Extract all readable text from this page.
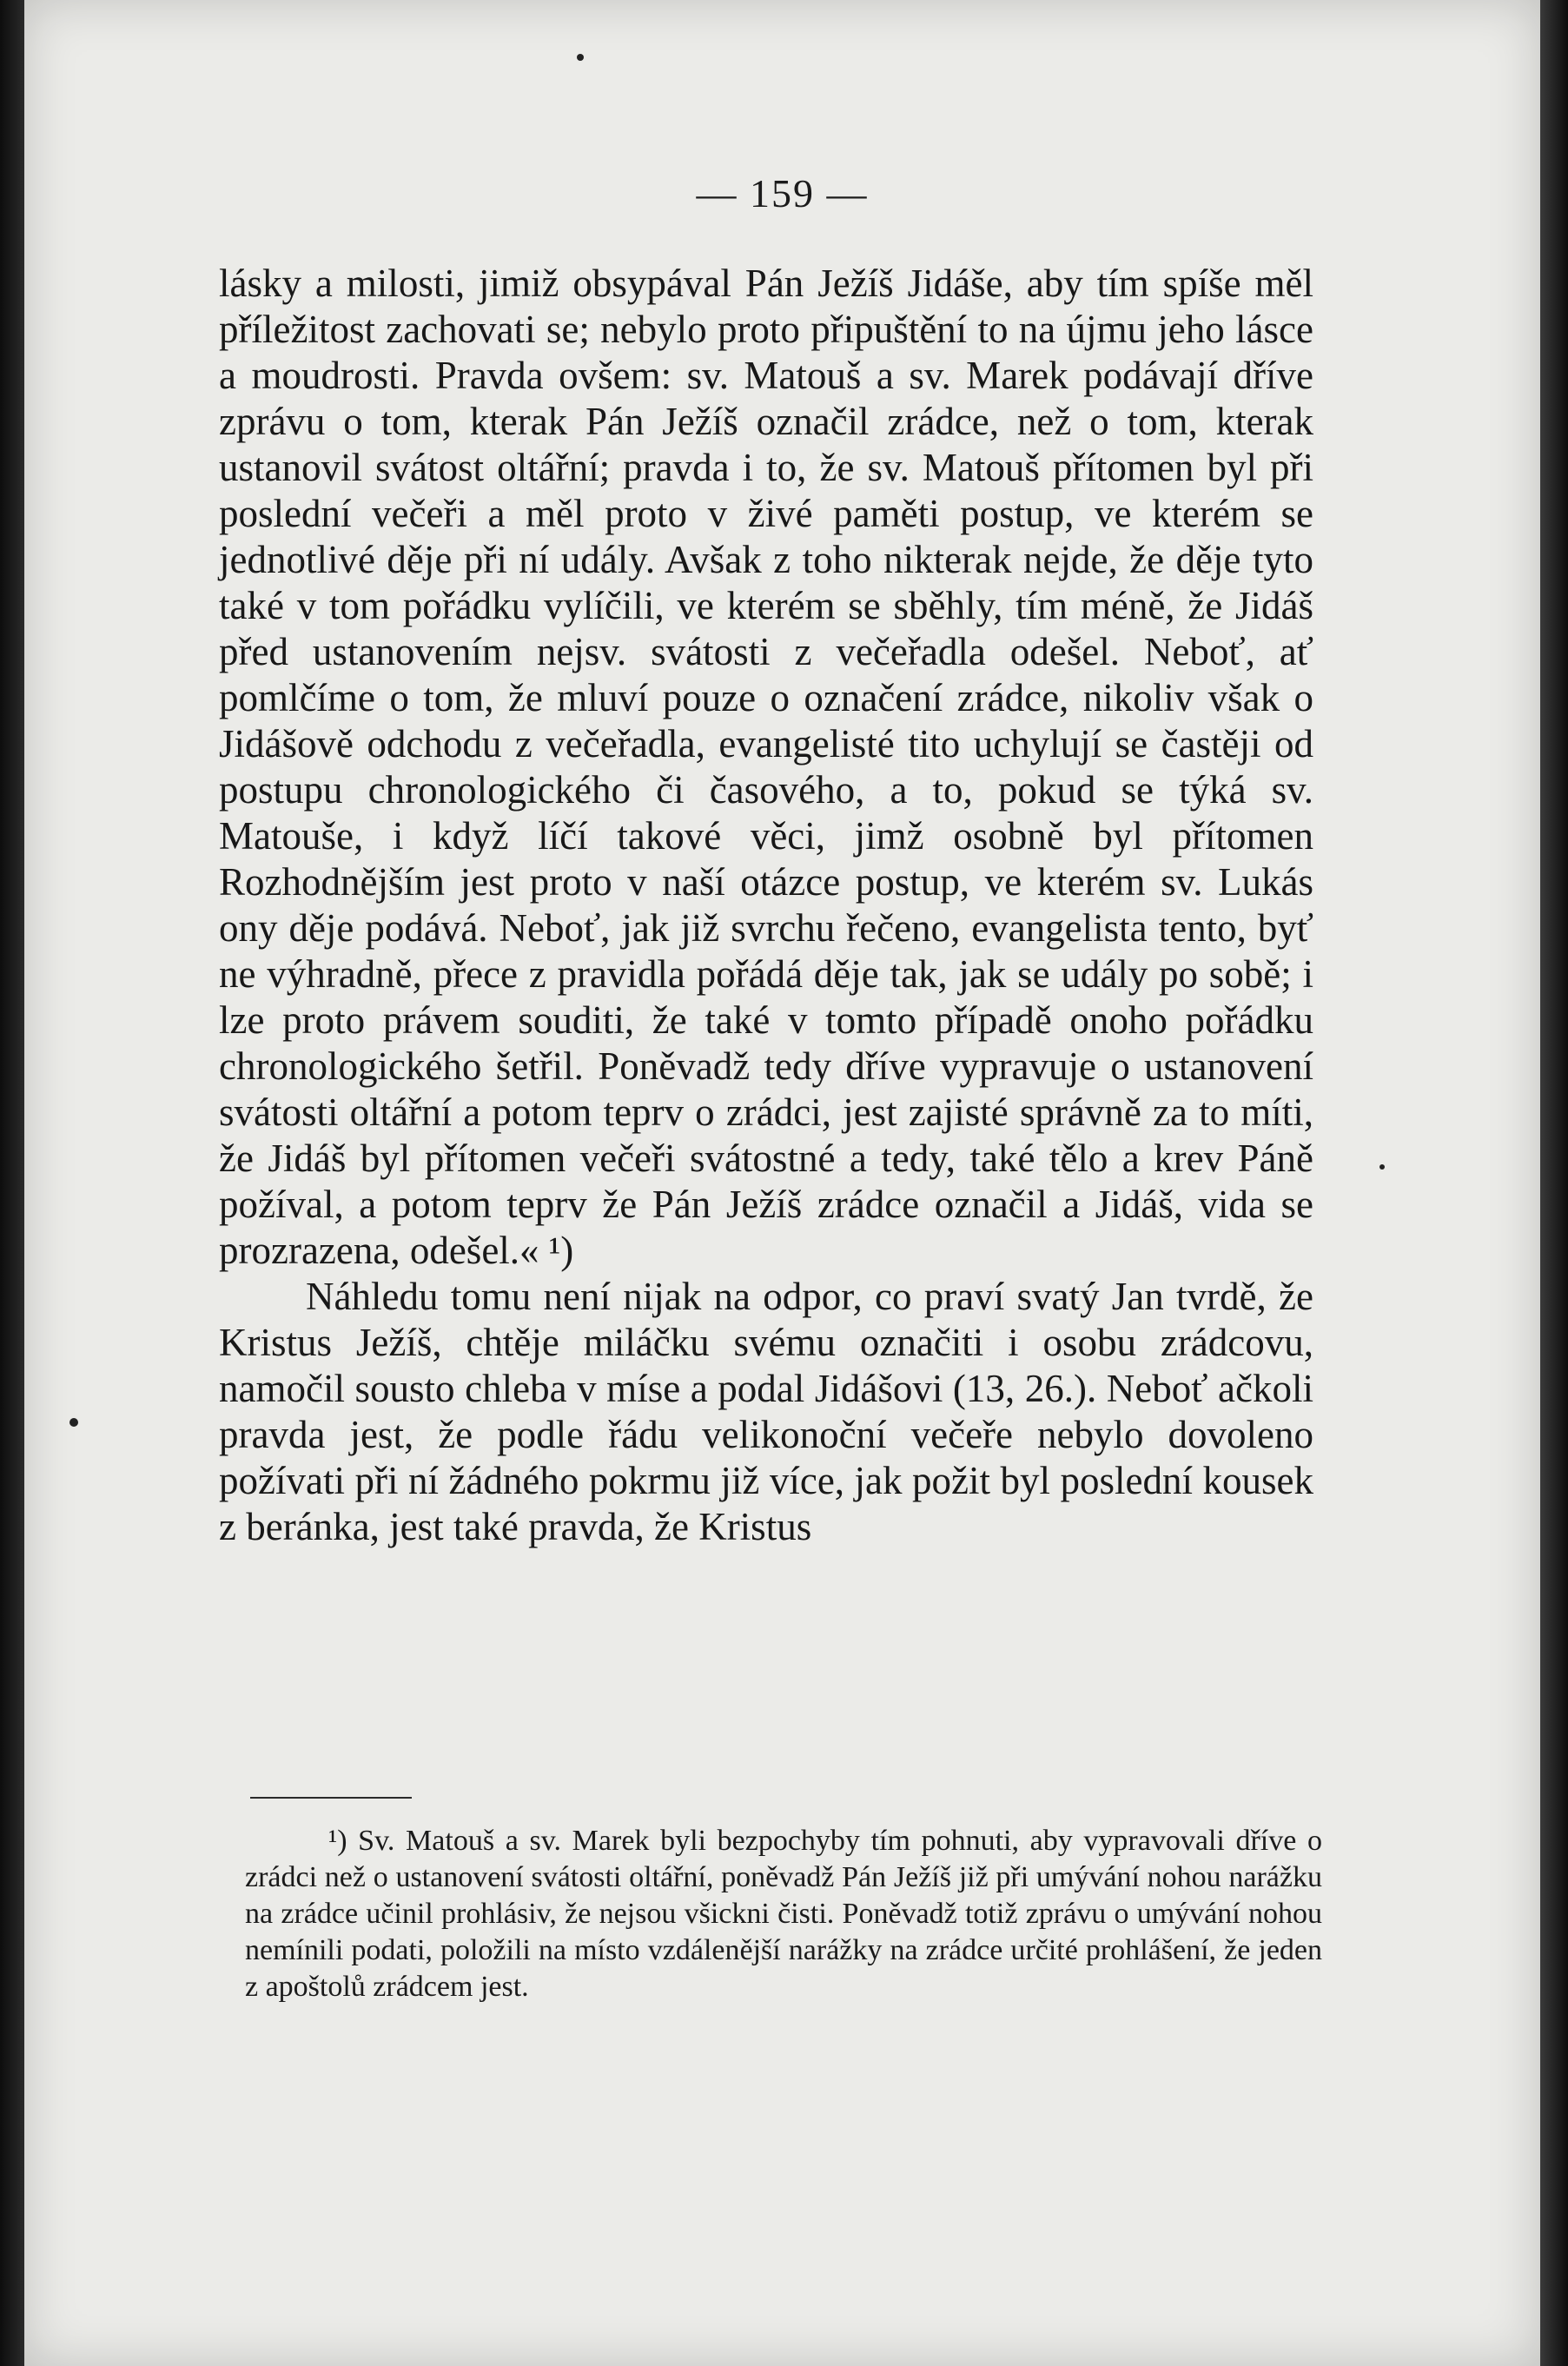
— 159 —

lásky a milosti, jimiž obsypával Pán Ježíš Jidáše, aby tím spíše měl příležitost zachovati se; nebylo proto připuštění to na újmu jeho lásce a moudrosti. Pravda ovšem: sv. Matouš a sv. Marek podávají dříve zprávu o tom, kterak Pán Ježíš označil zrádce, než o tom, kterak ustanovil svátost oltářní; pravda i to, že sv. Matouš přítomen byl při poslední večeři a měl proto v živé paměti postup, ve kterém se jednotlivé děje při ní udály. Avšak z toho nikterak nejde, že děje tyto také v tom pořádku vylíčili, ve kterém se sběhly, tím méně, že Jidáš před ustanovením nejsv. svátosti z večeřadla odešel. Neboť, ať pomlčíme o tom, že mluví pouze o označení zrádce, nikoliv však o Jidášově odchodu z večeřadla, evangelisté tito uchylují se častěji od postupu chronologického či časového, a to, pokud se týká sv. Matouše, i když líčí takové věci, jimž osobně byl přítomen Rozhodnějším jest proto v naší otázce postup, ve kterém sv. Lukás ony děje podává. Neboť, jak již svrchu řečeno, evangelista tento, byť ne výhradně, přece z pravidla pořádá děje tak, jak se udály po sobě; i lze proto právem souditi, že také v tomto případě onoho pořádku chronologického šetřil. Poněvadž tedy dříve vypravuje o ustanovení svátosti oltářní a potom teprv o zrádci, jest zajisté správně za to míti, že Jidáš byl přítomen večeři svátostné a tedy, také tělo a krev Páně požíval, a potom teprv že Pán Ježíš zrádce označil a Jidáš, vida se prozrazena, odešel.« ¹)

Náhledu tomu není nijak na odpor, co praví svatý Jan tvrdě, že Kristus Ježíš, chtěje miláčku svému označiti i osobu zrádcovu, namočil sousto chleba v míse a podal Jidášovi (13, 26.). Neboť ačkoli pravda jest, že podle řádu velikonoční večeře nebylo dovoleno požívati při ní žádného pokrmu již více, jak požit byl poslední kousek z beránka, jest také pravda, že Kristus

¹) Sv. Matouš a sv. Marek byli bezpochyby tím pohnuti, aby vypravovali dříve o zrádci než o ustanovení svátosti oltářní, poněvadž Pán Ježíš již při umývání nohou narážku na zrádce učinil prohlásiv, že nejsou všickni čisti. Poněvadž totiž zprávu o umývání nohou nemínili podati, položili na místo vzdálenější narážky na zrádce určité prohlášení, že jeden z apoštolů zrádcem jest.
